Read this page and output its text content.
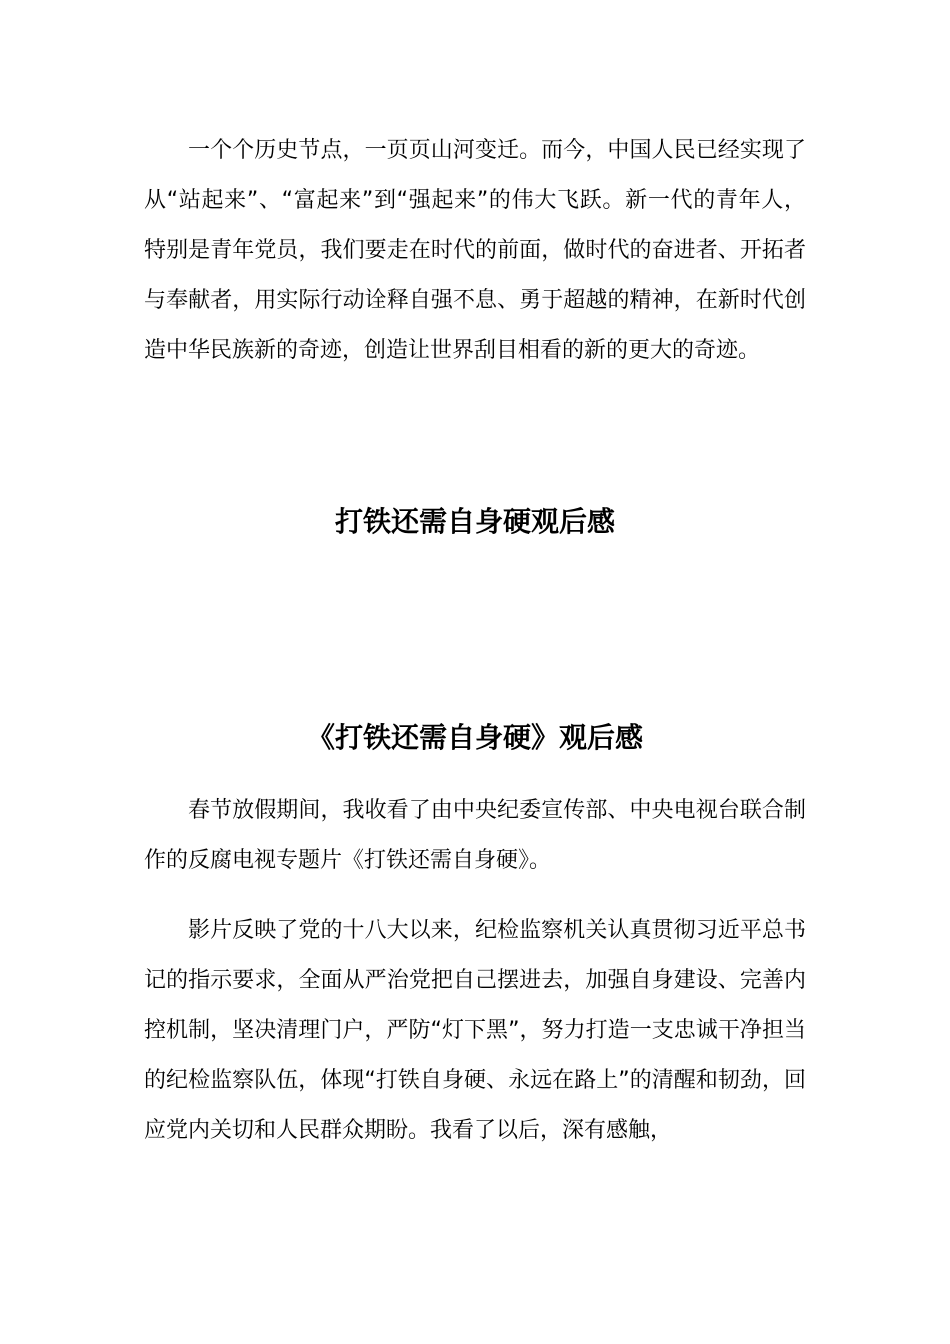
一个个历史节点，一页页山河变迁。而今，中国人民已经实现了从“站起来”、“富起来”到“强起来”的伟大飞跃。新一代的青年人，特别是青年党员，我们要走在时代的前面，做时代的奋进者、开拓者与奉献者，用实际行动诠释自强不息、勇于超越的精神，在新时代创造中华民族新的奇迹，创造让世界刮目相看的新的更大的奇迹。

打铁还需自身硬观后感
《打铁还需自身硬》观后感

春节放假期间，我收看了由中央纪委宣传部、中央电视台联合制作的反腐电视专题片《打铁还需自身硬》。

影片反映了党的十八大以来，纪检监察机关认真贯彻习近平总书记的指示要求，全面从严治党把自己摆进去，加强自身建设、完善内控机制，坚决清理门户，严防“灯下黑”，努力打造一支忠诚干净担当的纪检监察队伍，体现“打铁自身硬、永远在路上”的清醒和韧劲，回应党内关切和人民群众期盼。我看了以后，深有感触，
